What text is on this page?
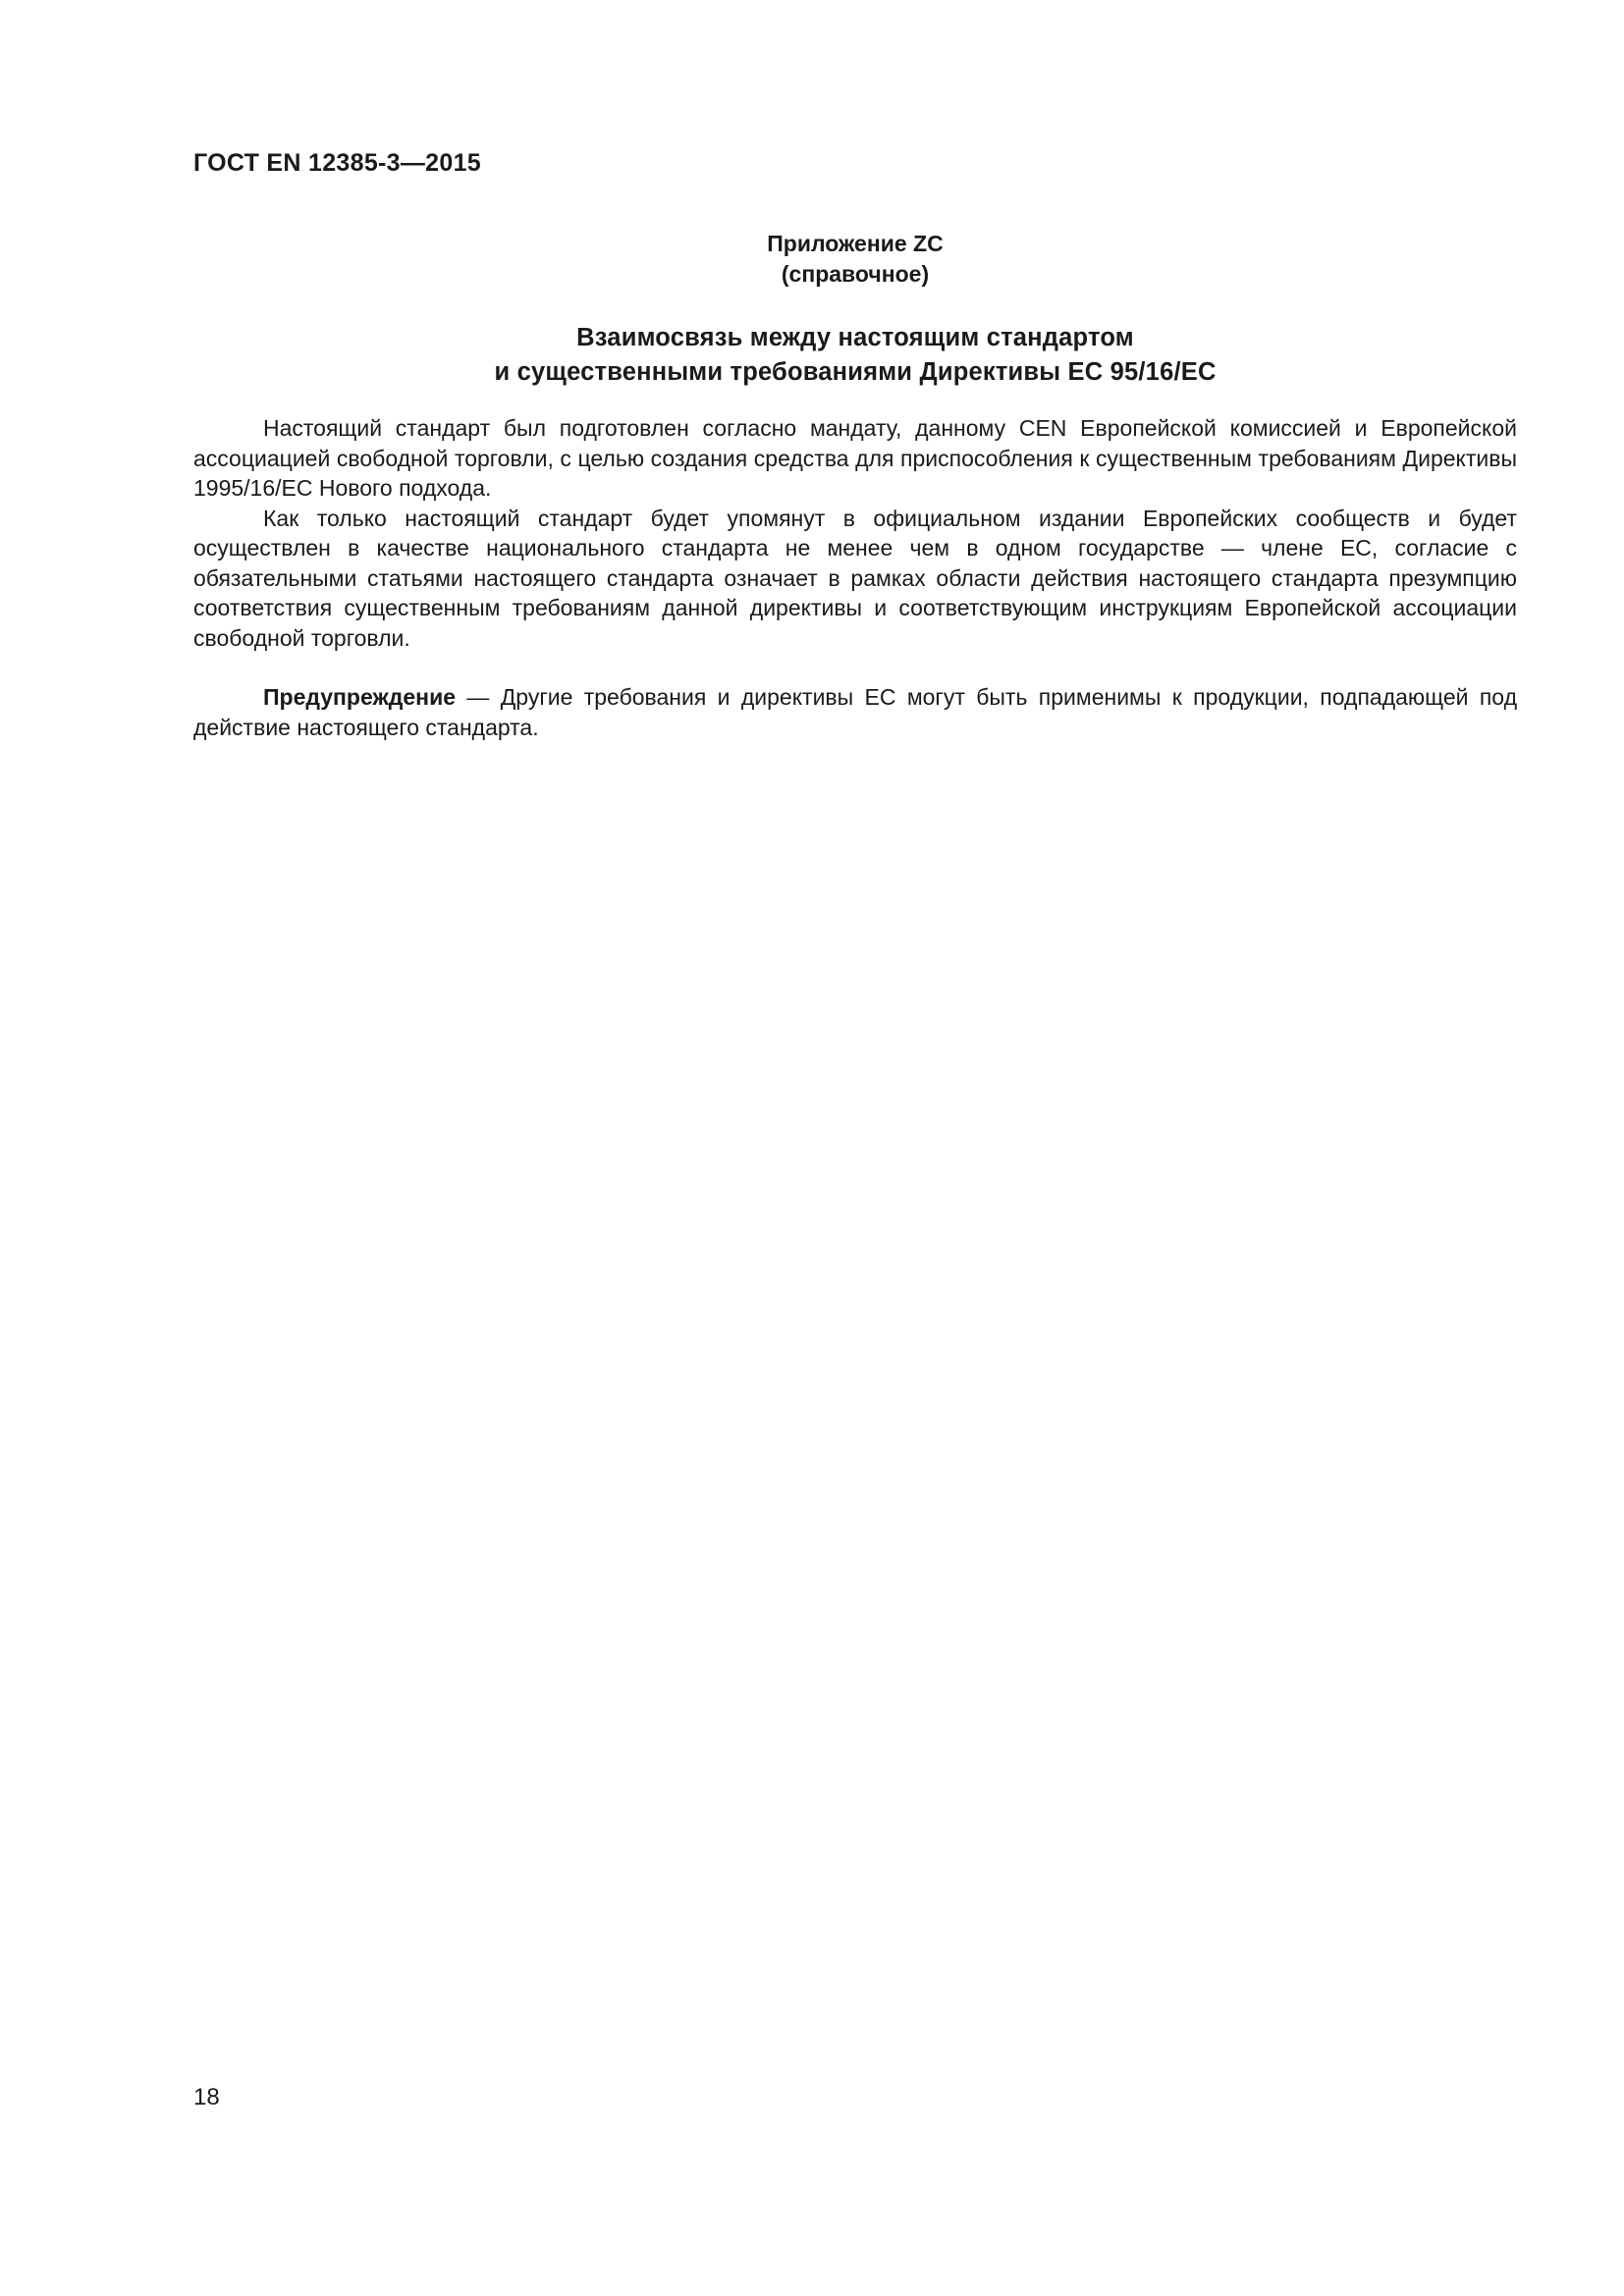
ГОСТ EN 12385-3—2015
Приложение ZC
(справочное)
Взаимосвязь между настоящим стандартом
и существенными требованиями Директивы ЕС 95/16/ЕС

Настоящий стандарт был подготовлен согласно мандату, данному CEN Европейской комиссией и Европейской ассоциацией свободной торговли, с целью создания средства для приспособления к существенным требованиям Директивы 1995/16/ЕС Нового подхода.

Как только настоящий стандарт будет упомянут в официальном издании Европейских сообществ и будет осуществлен в качестве национального стандарта не менее чем в одном государстве — члене ЕС, согласие с обязательными статьями настоящего стандарта означает в рамках области действия настоящего стандарта презумпцию соответствия существенным требованиям данной директивы и соответствующим инструкциям Европейской ассоциации свободной торговли.

Предупреждение — Другие требования и директивы ЕС могут быть применимы к продукции, подпадающей под действие настоящего стандарта.

18
